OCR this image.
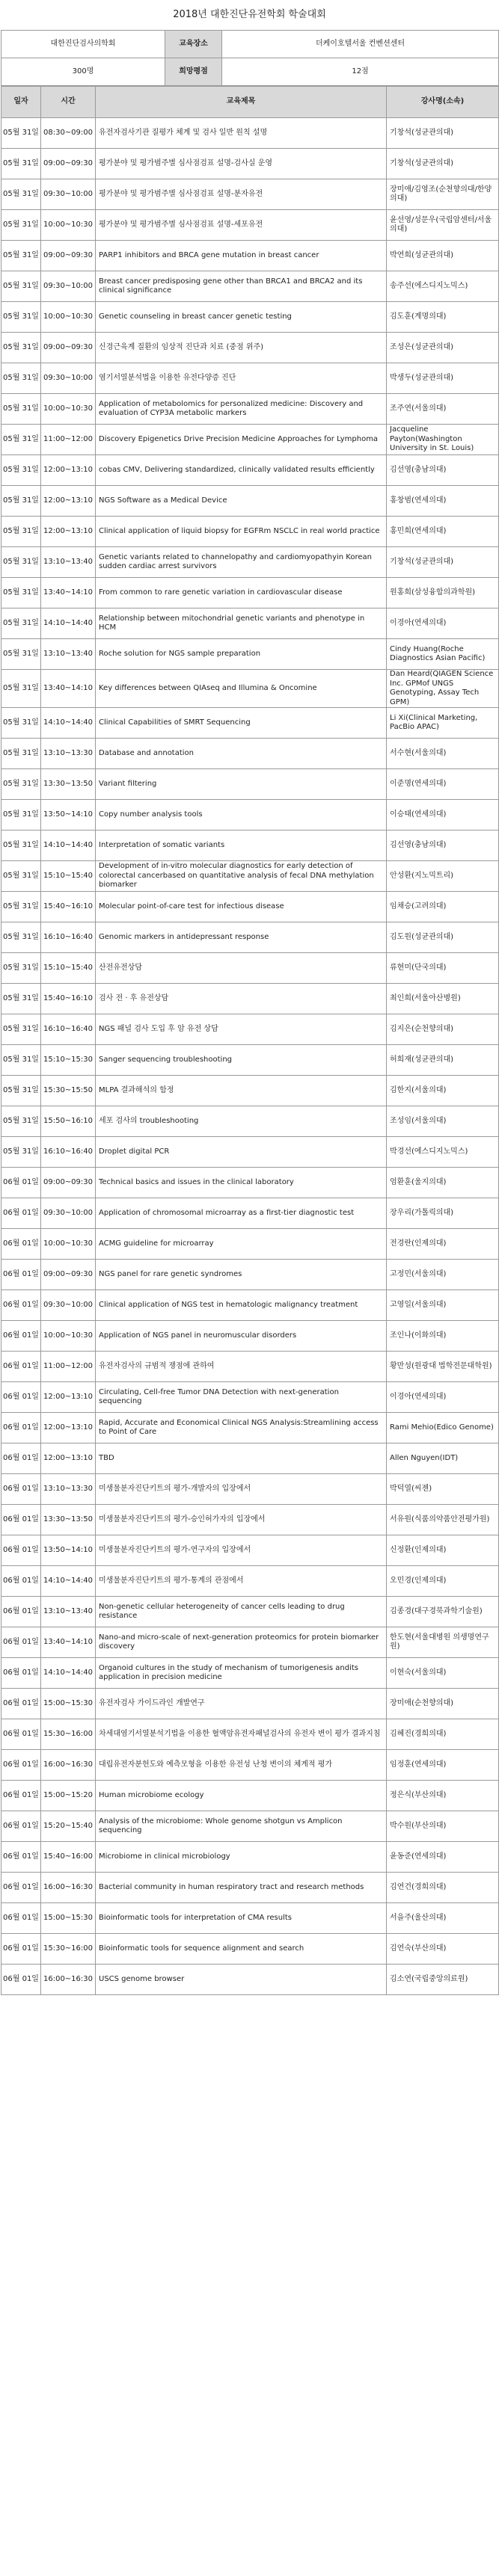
2018년 대한진단유전학회 학술대회
대한진단검사의학회	교육장소	더케이호텔서울 컨벤션센터
300명	희망평점	12점
일자	시간	교육제목	강사명(소속)
05월 31일	08:30~09:00	유전자검사기관 질평가 체계 및 검사 일반 원칙 설명	기창석(성균관의대)
05월 31일	09:00~09:30	평가분야 및 평가범주별 심사점검표 설명-검사실 운영	기창석(성균관의대)
05월 31일	09:30~10:00	평가분야 및 평가범주별 심사점검표 설명-분자유전	장미애/김영조(순천향의대/한양의대)
05월 31일	10:00~10:30	평가분야 및 평가범주별 심사점검표 설명-세포유전	윤선영/성문우(국립암센터/서울의대)
05월 31일	09:00~09:30	PARP1 inhibitors and BRCA gene mutation in breast cancer	박연희(성균관의대)
05월 31일	09:30~10:00	Breast cancer predisposing gene other than BRCA1 and BRCA2 and its clinical significance	송주선(에스디지노믹스)
05월 31일	10:00~10:30	Genetic counseling in breast cancer genetic testing	김도훈(계명의대)
05월 31일	09:00~09:30	신경근육계 질환의 임상적 진단과 치료 (중점 위주)	조성은(성균관의대)
05월 31일	09:30~10:00	염기서열분석법을 이용한 유전다양증 진단	박생두(성균관의대)
05월 31일	10:00~10:30	Application of metabolomics for personalized medicine: Discovery and evaluation of CYP3A metabolic markers	조주연(서울의대)
05월 31일	11:00~12:00	Discovery Epigenetics Drive Precision Medicine Approaches for Lymphoma	Jacqueline Payton(Washington University in St. Louis)
05월 31일	12:00~13:10	cobas CMV, Delivering standardized, clinically validated results efficiently	김선영(충남의대)
05월 31일	12:00~13:10	NGS Software as a Medical Device	홍창범(연세의대)
05월 31일	12:00~13:10	Clinical application of liquid biopsy for EGFRm NSCLC in real world practice	홍민희(연세의대)
05월 31일	13:10~13:40	Genetic variants related to channelopathy and cardiomyopathyin Korean sudden cardiac arrest survivors	기창석(성균관의대)
05월 31일	13:40~14:10	From common to rare genetic variation in cardiovascular disease	원홍희(삼성융합의과학원)
05월 31일	14:10~14:40	Relationship between mitochondrial genetic variants and phenotype in HCM	이경아(연세의대)
05월 31일	13:10~13:40	Roche solution for NGS sample preparation	Cindy Huang(Roche Diagnostics Asian Pacific)
05월 31일	13:40~14:10	Key differences between QIAseq and Illumina & Oncomine	Dan Heard(QIAGEN Science Inc. GPMof UNGS Genotyping, Assay Tech GPM)
05월 31일	14:10~14:40	Clinical Capabilities of SMRT Sequencing	Li Xi(Clinical Marketing, PacBio APAC)
05월 31일	13:10~13:30	Database and annotation	서수현(서울의대)
05월 31일	13:30~13:50	Variant filtering	이준명(연세의대)
05월 31일	13:50~14:10	Copy number analysis tools	이승태(연세의대)
05월 31일	14:10~14:40	Interpretation of somatic variants	김선영(충남의대)
05월 31일	15:10~15:40	Development of in-vitro molecular diagnostics for early detection of colorectal cancerbased on quantitative analysis of fecal DNA methylation biomarker	안성환(지노믹트리)
05월 31일	15:40~16:10	Molecular point-of-care test for infectious disease	임채승(고려의대)
05월 31일	16:10~16:40	Genomic markers in antidepressant response	김도원(성균관의대)
05월 31일	15:10~15:40	산전유전상담	류현미(단국의대)
05월 31일	15:40~16:10	검사 전 · 후 유전상담	최인희(서울아산병원)
05월 31일	16:10~16:40	NGS 패널 검사 도입 후 암 유전 상담	김지은(순천향의대)
05월 31일	15:10~15:30	Sanger sequencing troubleshooting	허희재(성균관의대)
05월 31일	15:30~15:50	MLPA 결과해석의 함정	김한지(서울의대)
05월 31일	15:50~16:10	세포 검사의 troubleshooting	조성임(서울의대)
05월 31일	16:10~16:40	Droplet digital PCR	박경선(에스디지노믹스)
06월 01일	09:00~09:30	Technical basics and issues in the clinical laboratory	엄환훈(울지의대)
06월 01일	09:30~10:00	Application of chromosomal microarray as a first-tier diagnostic test	장우리(가톨릭의대)
06월 01일	10:00~10:30	ACMG guideline for microarray	전경란(인제의대)
06월 01일	09:00~09:30	NGS panel for rare genetic syndromes	고정민(서울의대)
06월 01일	09:30~10:00	Clinical application of NGS test in hematologic malignancy treatment	고영일(서울의대)
06월 01일	10:00~10:30	Application of NGS panel in neuromuscular disorders	조인나(이화의대)
06월 01일	11:00~12:00	유전자검사의 규범적 쟁점에 관하여	황만성(원광대 법학전문대학원)
06월 01일	12:00~13:10	Circulating, Cell-free Tumor DNA Detection with next-generation sequencing	이경아(연세의대)
06월 01일	12:00~13:10	Rapid, Accurate and Economical Clinical NGS Analysis:Streamlining access to Point of Care	Rami Mehio(Edico Genome)
06월 01일	12:00~13:10	TBD	Allen Nguyen(IDT)
06월 01일	13:10~13:30	미생물분자진단키트의 평가-개발자의 입장에서	박덕열(씨젠)
06월 01일	13:30~13:50	미생물분자진단키트의 평가-승인허가자의 입장에서	서유원(식품의약품안전평가원)
06월 01일	13:50~14:10	미생물분자진단키트의 평가-연구자의 입장에서	신정환(인제의대)
06월 01일	14:10~14:40	미생물분자진단키트의 평가-통계의 관점에서	오민경(인제의대)
06월 01일	13:10~13:40	Non-genetic cellular heterogeneity of cancer cells leading to drug resistance	김종경(대구경북과학기술원)
06월 01일	13:40~14:10	Nano-and micro-scale of next-generation proteomics for protein biomarker discovery	한도현(서울대병원 의생명연구원)
06월 01일	14:10~14:40	Organoid cultures in the study of mechanism of tumorigenesis andits application in precision medicine	이현숙(서울의대)
06월 01일	15:00~15:30	유전자검사 가이드라인 개발연구	장미애(순천향의대)
06월 01일	15:30~16:00	차세대염기서열분석기법을 이용한 혈액암유전자패널검사의 유전자 변이 평가 결과지침	김혜진(경희의대)
06월 01일	16:00~16:30	대립유전자분헌도와 예측모형을 이용한 유전성 난청 변이의 체계적 평가	임정훈(연세의대)
06월 01일	15:00~15:20	Human microbiome ecology	정은식(부산의대)
06월 01일	15:20~15:40	Analysis of the microbiome: Whole genome shotgun vs Amplicon sequencing	박수원(부산의대)
06월 01일	15:40~16:00	Microbiome in clinical microbiology	윤동준(연세의대)
06월 01일	16:00~16:30	Bacterial community in human respiratory tract and research methods	김연건(경희의대)
06월 01일	15:00~15:30	Bioinformatic tools for interpretation of CMA results	서을주(울산의대)
06월 01일	15:30~16:00	Bioinformatic tools for sequence alignment and search	김연숙(부산의대)
06월 01일	16:00~16:30	USCS genome browser	김소연(국립중앙의료원)
